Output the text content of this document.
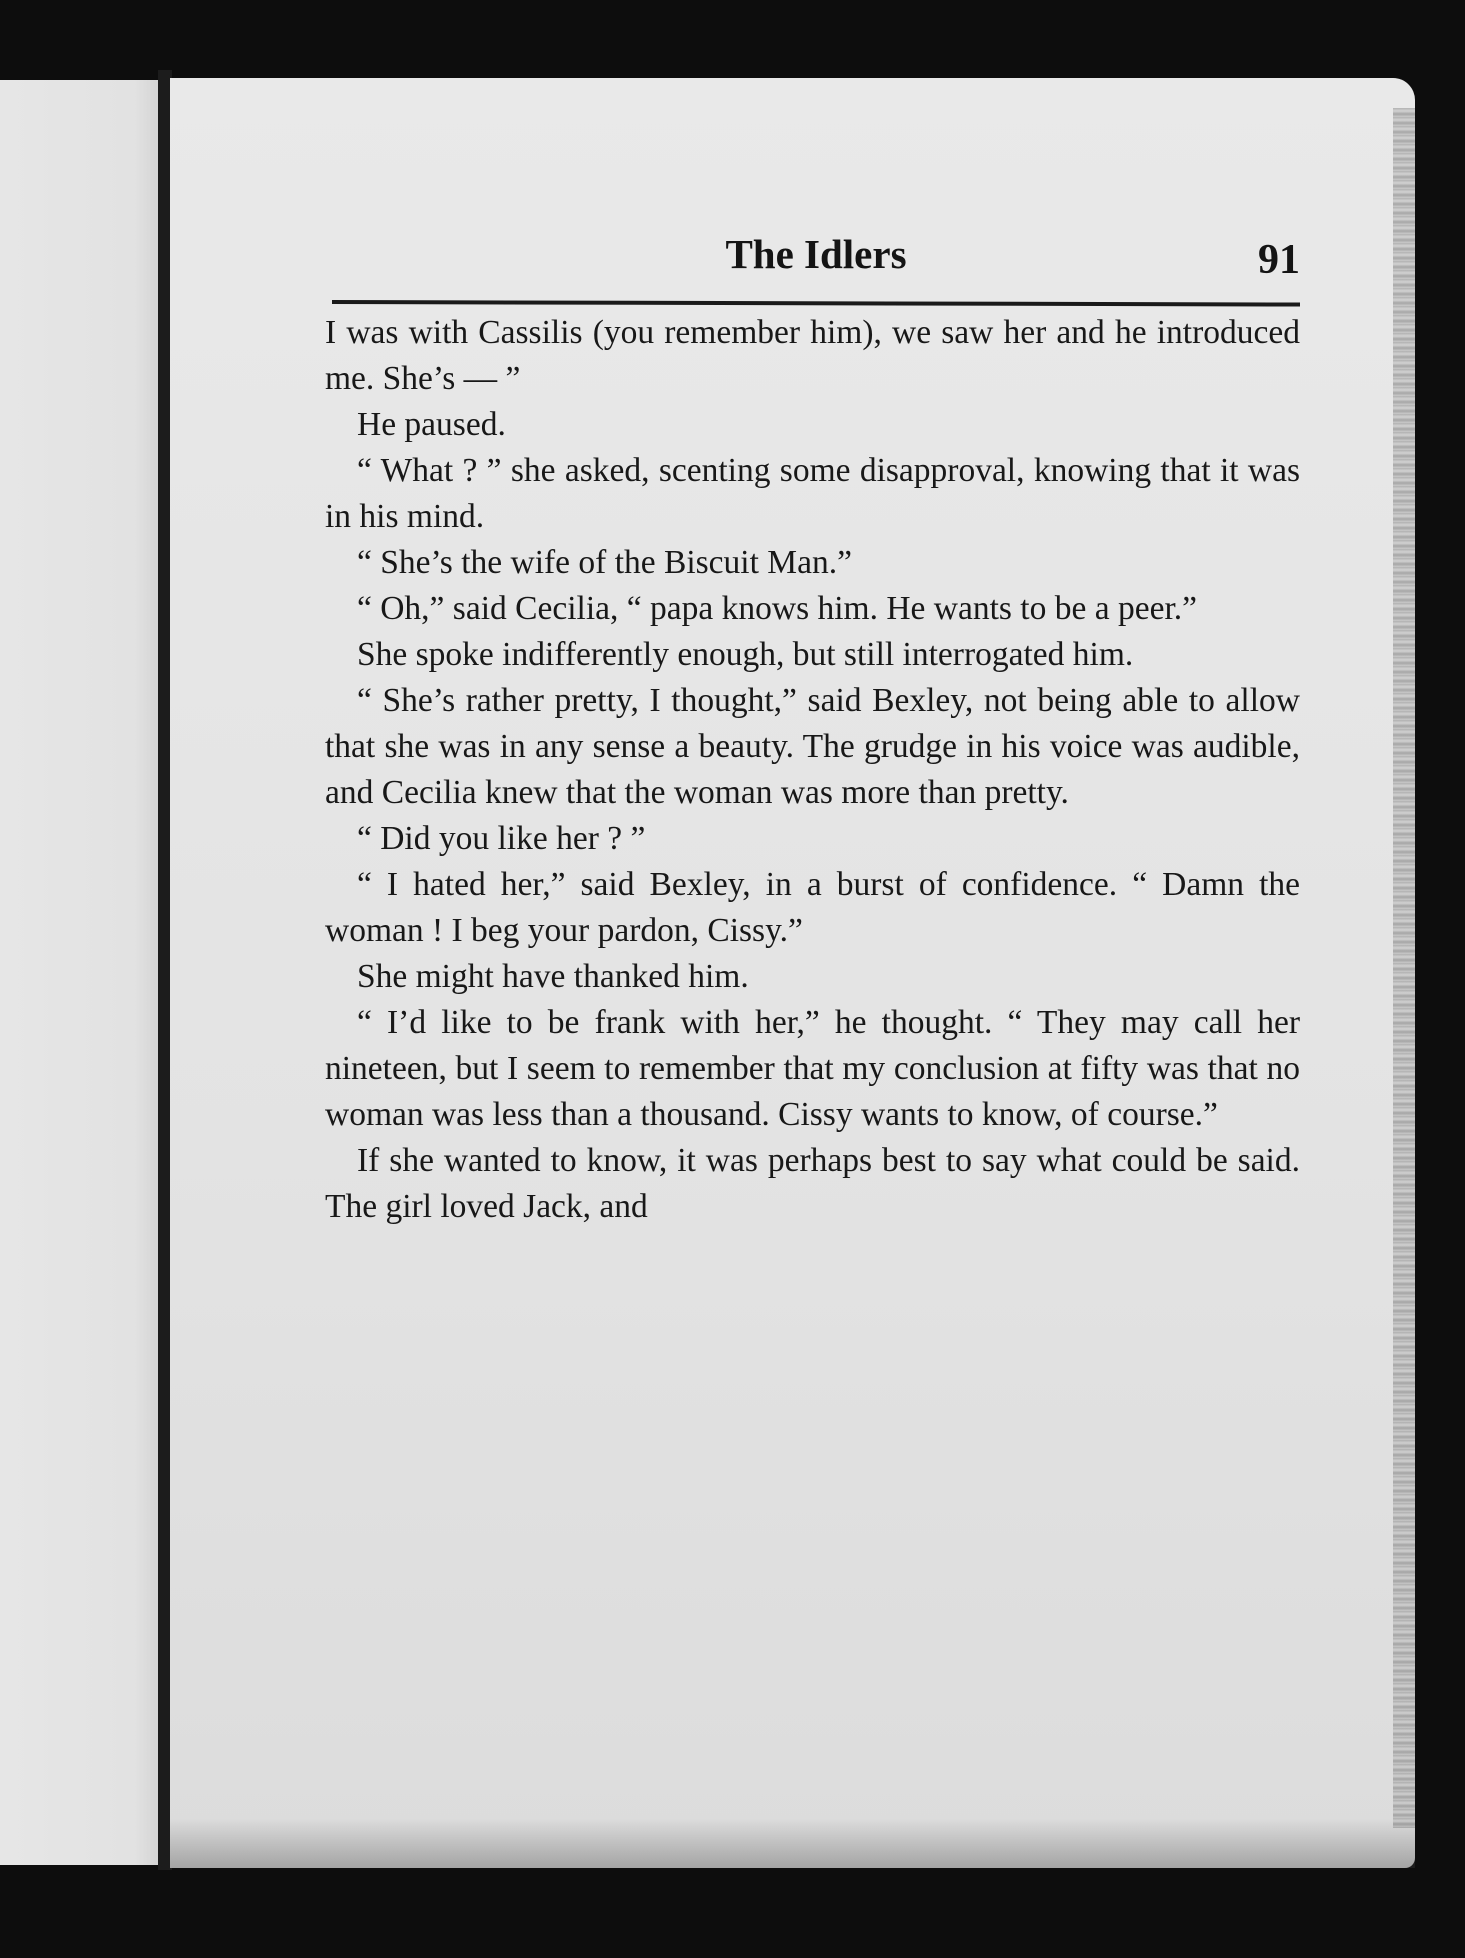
The Idlers	91

I was with Cassilis (you remember him), we saw her and he introduced me. She’s — ”

He paused.

“ What ? ” she asked, scenting some disapproval, knowing that it was in his mind.

“ She’s the wife of the Biscuit Man.”

“ Oh,” said Cecilia, “ papa knows him. He wants to be a peer.”

She spoke indifferently enough, but still interrogated him.

“ She’s rather pretty, I thought,” said Bexley, not being able to allow that she was in any sense a beauty. The grudge in his voice was audible, and Cecilia knew that the woman was more than pretty.

“ Did you like her ? ”

“ I hated her,” said Bexley, in a burst of confidence. “ Damn the woman ! I beg your pardon, Cissy.”

She might have thanked him.

“ I’d like to be frank with her,” he thought. “ They may call her nineteen, but I seem to remember that my conclusion at fifty was that no woman was less than a thousand. Cissy wants to know, of course.”

If she wanted to know, it was perhaps best to say what could be said. The girl loved Jack, and
